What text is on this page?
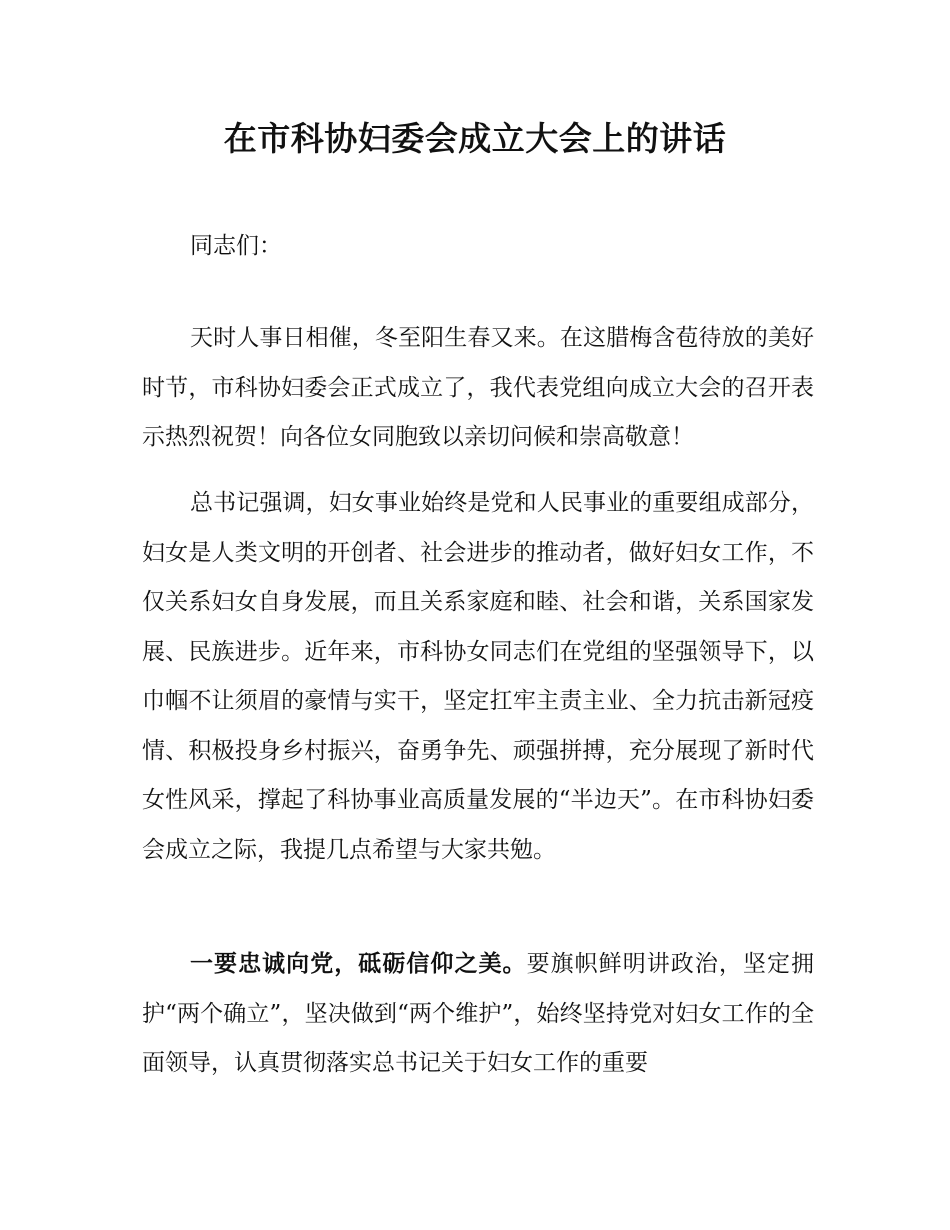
在市科协妇委会成立大会上的讲话

同志们：

天时人事日相催，冬至阳生春又来。在这腊梅含苞待放的美好时节，市科协妇委会正式成立了，我代表党组向成立大会的召开表示热烈祝贺！向各位女同胞致以亲切问候和崇高敬意！

总书记强调，妇女事业始终是党和人民事业的重要组成部分，妇女是人类文明的开创者、社会进步的推动者，做好妇女工作，不仅关系妇女自身发展，而且关系家庭和睦、社会和谐，关系国家发展、民族进步。近年来，市科协女同志们在党组的坚强领导下，以巾帼不让须眉的豪情与实干，坚定扛牢主责主业、全力抗击新冠疫情、积极投身乡村振兴，奋勇争先、顽强拼搏，充分展现了新时代女性风采，撑起了科协事业高质量发展的“半边天”。在市科协妇委会成立之际，我提几点希望与大家共勉。

一要忠诚向党，砥砺信仰之美。要旗帜鲜明讲政治，坚定拥护“两个确立”，坚决做到“两个维护”，始终坚持党对妇女工作的全面领导，认真贯彻落实总书记关于妇女工作的重要
